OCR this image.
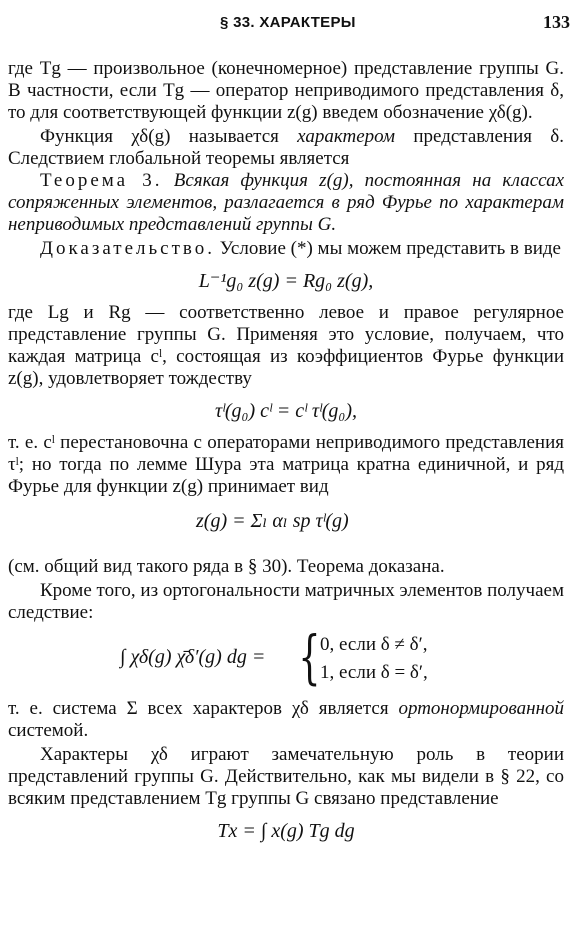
§ 33. ХАРАКТЕРЫ	133

где Tg — произвольное (конечномерное) представление группы G. В частности, если Tg — оператор неприводимого представления δ, то для соответствующей функции z(g) введем обозначение χδ(g).

Функция χδ(g) называется характером представления δ. Следствием глобальной теоремы является

Теорема 3. Всякая функция z(g), постоянная на классах сопряженных элементов, разлагается в ряд Фурье по характерам неприводимых представлений группы G.

Доказательство. Условие (*) мы можем представить в виде

L⁻¹g₀ z(g) = Rg₀ z(g),

где Lg и Rg — соответственно левое и правое регулярное представление группы G. Применяя это условие, получаем, что каждая матрица cˡ, состоящая из коэффициентов Фурье функции z(g), удовлетворяет тождеству

τˡ(g₀) cˡ = cˡ τˡ(g₀),

т. е. cˡ перестановочна с операторами неприводимого представления τˡ; но тогда по лемме Шура эта матрица кратна единичной, и ряд Фурье для функции z(g) принимает вид

z(g) = Σₗ αₗ sp τˡ(g)

(см. общий вид такого ряда в § 30). Теорема доказана.

Кроме того, из ортогональности матричных элементов получаем следствие:

∫ χδ(g) χ̄δ′(g) dg = { 0, если δ ≠ δ′,
1, если δ = δ′,

т. е. система Σ всех характеров χδ является ортонормированной системой.

Характеры χδ играют замечательную роль в теории представлений группы G. Действительно, как мы видели в § 22, со всяким представлением Tg группы G связано представление

Tx = ∫ x(g) Tg dg
